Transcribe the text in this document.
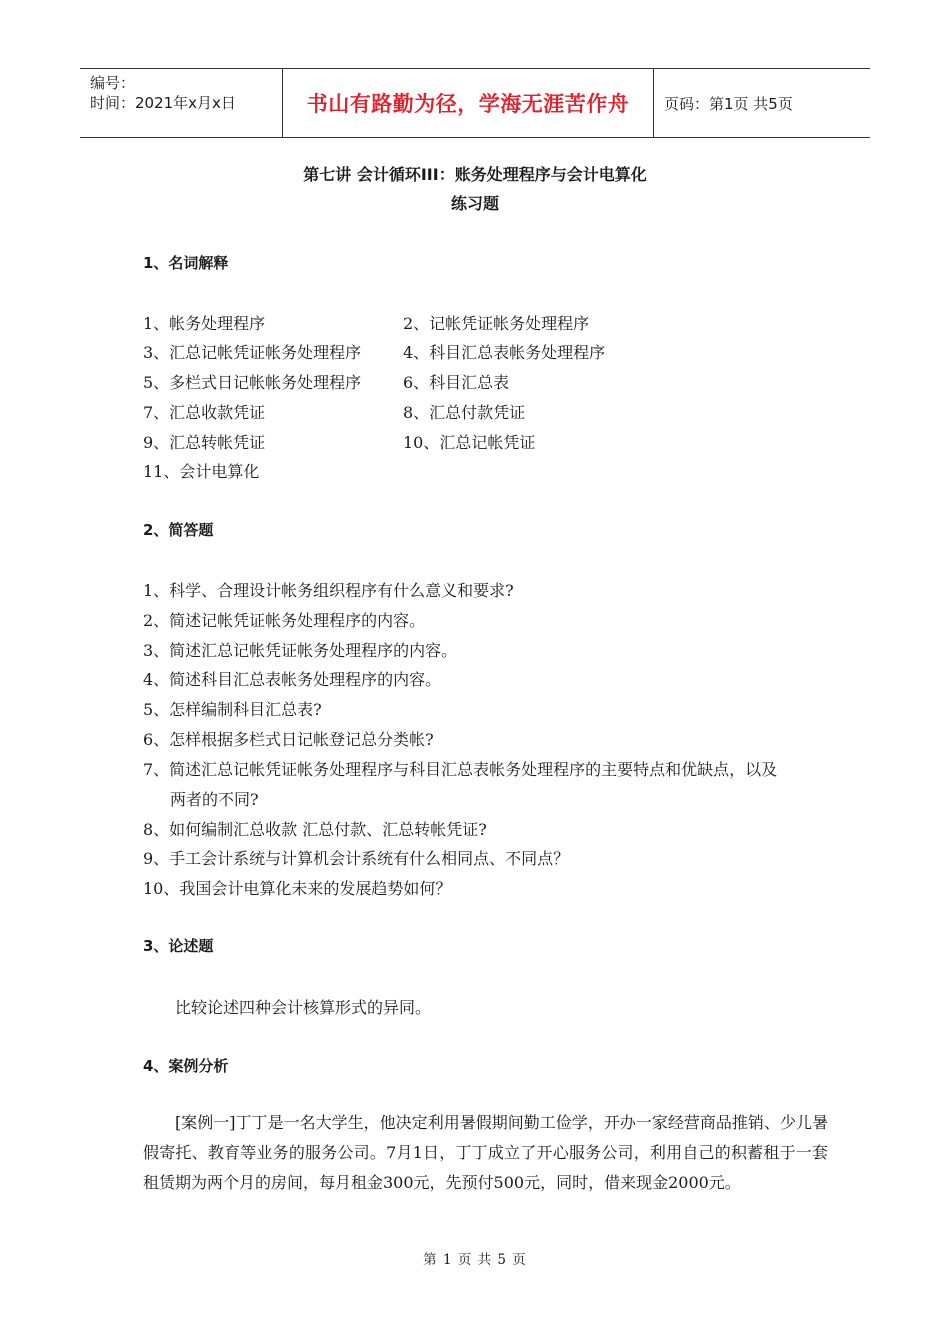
编号：
时间：2021年x月x日	书山有路勤为径，学海无涯苦作舟 页码：第1页 共5页
第七讲 会计循环III：账务处理程序与会计电算化
练习题
1、名词解释
1、帐务处理程序	2、记帐凭证帐务处理程序
3、汇总记帐凭证帐务处理程序	4、科目汇总表帐务处理程序
5、多栏式日记帐帐务处理程序	6、科目汇总表
7、汇总收款凭证	8、汇总付款凭证
9、汇总转帐凭证	10、汇总记帐凭证
11、会计电算化
2、简答题
1、科学、合理设计帐务组织程序有什么意义和要求?
2、简述记帐凭证帐务处理程序的内容。
3、简述汇总记帐凭证帐务处理程序的内容。
4、简述科目汇总表帐务处理程序的内容。
5、怎样编制科目汇总表?
6、怎样根据多栏式日记帐登记总分类帐?
7、简述汇总记帐凭证帐务处理程序与科目汇总表帐务处理程序的主要特点和优缺点，以及
两者的不同?
8、如何编制汇总收款 汇总付款、汇总转帐凭证?
9、手工会计系统与计算机会计系统有什么相同点、不同点？
10、我国会计电算化未来的发展趋势如何？
3、论述题
比较论述四种会计核算形式的异同。
4、案例分析
[案例一]丁丁是一名大学生，他决定利用暑假期间勤工俭学，开办一家经营商品推销、少儿暑假寄托、教育等业务的服务公司。7月1日，丁丁成立了开心服务公司，利用自己的积蓄租于一套租赁期为两个月的房间，每月租金300元，先预付500元，同时，借来现金2000元。
第 1 页 共 5 页
